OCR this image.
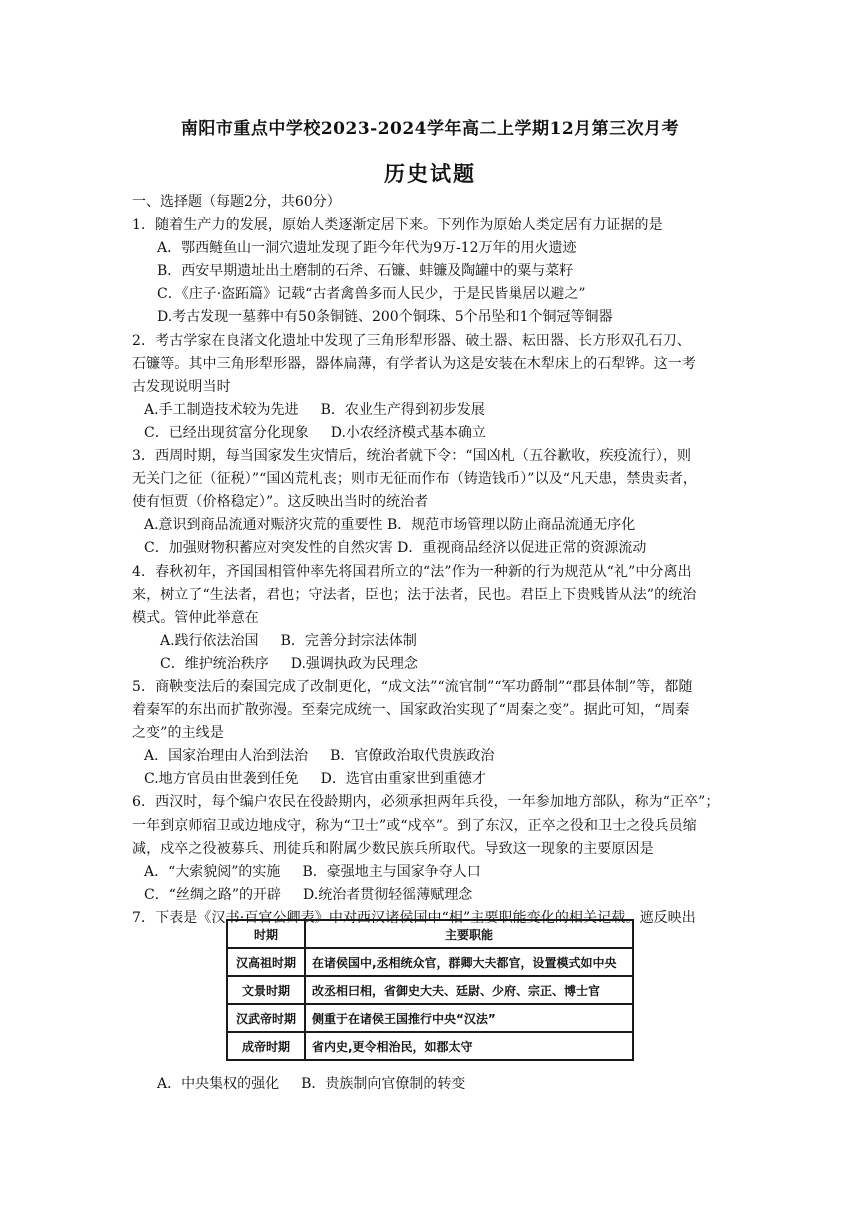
南阳市重点中学校2023-2024学年高二上学期12月第三次月考
历史试题
一、选择题（每题2分，共60分）
1．随着生产力的发展，原始人类逐渐定居下来。下列作为原始人类定居有力证据的是
A．鄂西鲢鱼山一洞穴遗址发现了距今年代为9万-12万年的用火遗迹
B．西安早期遗址出土磨制的石斧、石镰、蚌镰及陶罐中的粟与菜籽
C．《庄子·盗跖篇》记载“古者禽兽多而人民少，于是民皆巢居以避之”
D.考古发现一墓葬中有50条铜链、200个铜珠、5个吊坠和1个铜冠等铜器
2．考古学家在良渚文化遗址中发现了三角形犁形器、破土器、耘田器、长方形双孔石刀、
石镰等。其中三角形犁形器，器体扁薄，有学者认为这是安装在木犁床上的石犁铧。这一考
古发现说明当时
A.手工制造技术较为先进 B．农业生产得到初步发展
C．已经出现贫富分化现象 D.小农经济模式基本确立
3．西周时期，每当国家发生灾情后，统治者就下令：“国凶札（五谷歉收，疾疫流行），则
无关门之征（征税）”“国凶荒札丧；则市无征而作布（铸造钱币）”以及“凡天患，禁贵卖者，
使有恒贾（价格稳定）”。这反映出当时的统治者
A.意识到商品流通对赈济灾荒的重要性 B．规范市场管理以防止商品流通无序化
C．加强财物积蓄应对突发性的自然灾害 D．重视商品经济以促进正常的资源流动
4．春秋初年，齐国国相管仲率先将国君所立的“法”作为一种新的行为规范从“礼”中分离出
来，树立了“生法者，君也；守法者，臣也；法于法者，民也。君臣上下贵贱皆从法”的统治
模式。管仲此举意在
A.践行依法治国 B．完善分封宗法体制
C．维护统治秩序 D.强调执政为民理念
5．商鞅变法后的秦国完成了改制更化，“成文法”“流官制”“军功爵制”“郡县体制”等，都随
着秦军的东出而扩散弥漫。至秦完成统一、国家政治实现了“周秦之变”。据此可知，“周秦
之变”的主线是
A．国家治理由人治到法治 B．官僚政治取代贵族政治
C.地方官员由世袭到任免 D．选官由重家世到重德才
6．西汉时，每个编户农民在役龄期内，必须承担两年兵役，一年参加地方部队，称为“正卒”；
一年到京师宿卫或边地戍守，称为“卫士”或“戍卒”。到了东汉，正卒之役和卫士之役兵员缩
减，戍卒之役被募兵、刑徒兵和附属少数民族兵所取代。导致这一现象的主要原因是
A．“大索貌阅”的实施 B．豪强地主与国家争夺人口
C．“丝绸之路”的开辟 D.统治者贯彻轻徭薄赋理念
7．下表是《汉书·百官公卿表》中对西汉诸侯国中“相”主要职能变化的相关记载。遮反映出
时期	主要职能
汉高祖时期	在诸侯国中,丞相统众官，群卿大夫都官，设置模式如中央
文景时期	改丞相曰相，省御史大夫、廷尉、少府、宗正、博士官
汉武帝时期	侧重于在诸侯王国推行中央“汉法”
成帝时期	省内史,更令相治民，如郡太守
A．中央集权的强化 B．贵族制向官僚制的转变
